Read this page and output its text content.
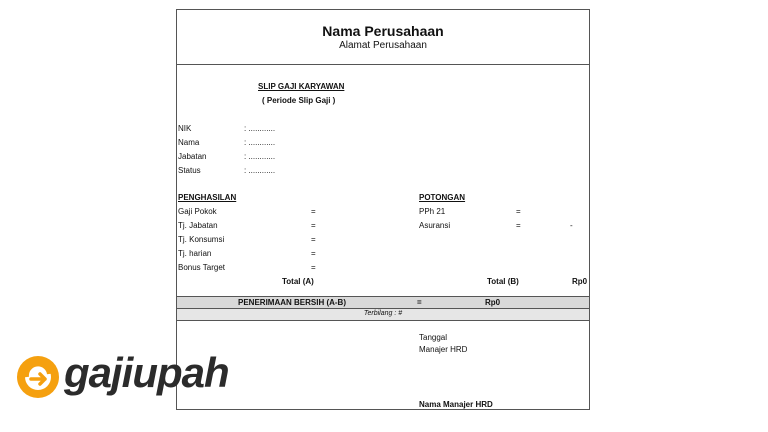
Nama Perusahaan
Alamat Perusahaan
SLIP GAJI KARYAWAN
( Periode Slip Gaji )
NIK	: ............
Nama	: ............
Jabatan	: ............
Status	: ............
PENGHASILAN
Gaji Pokok	=
Tj. Jabatan	=
Tj. Konsumsi	=
Tj. harian	=
Bonus Target	=
Total (A)
POTONGAN
PPh 21	=
Asuransi	=	-
Total (B)	Rp0
PENERIMAAN BERSIH (A-B)	=	Rp0
Terbilang : #
Tanggal
Manajer HRD
Nama Manajer HRD
gajiupah
